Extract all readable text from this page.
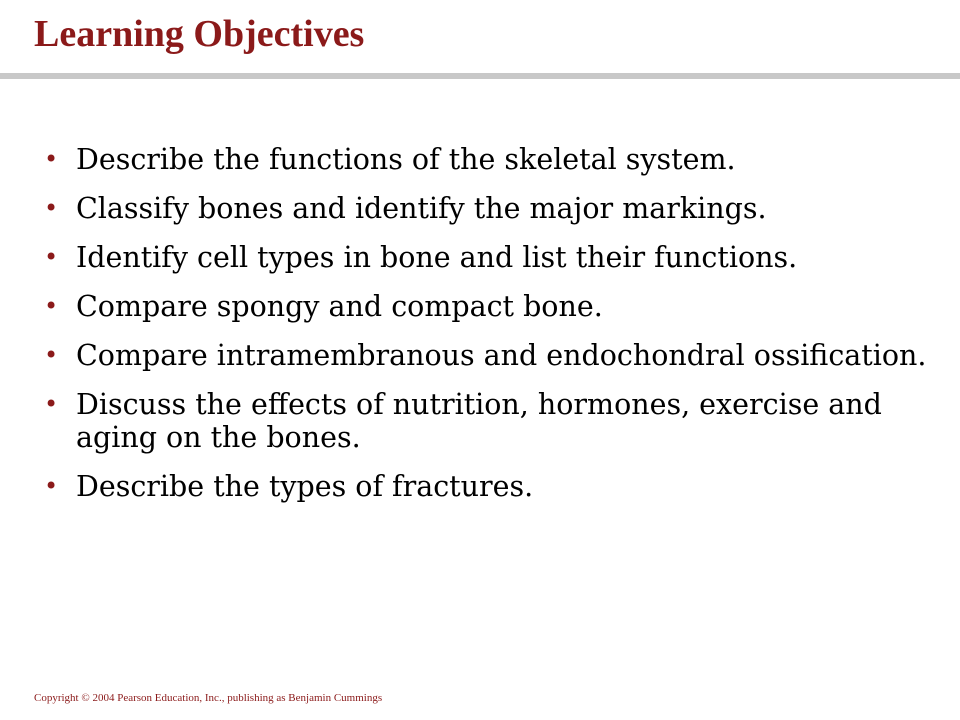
Learning Objectives
• Describe the functions of the skeletal system.
• Classify bones and identify the major markings.
• Identify cell types in bone and list their functions.
• Compare spongy and compact bone.
• Compare intramembranous and endochondral ossification.
• Discuss the effects of nutrition, hormones, exercise and aging on the bones.
• Describe the types of fractures.
Copyright © 2004 Pearson Education, Inc., publishing as Benjamin Cummings
